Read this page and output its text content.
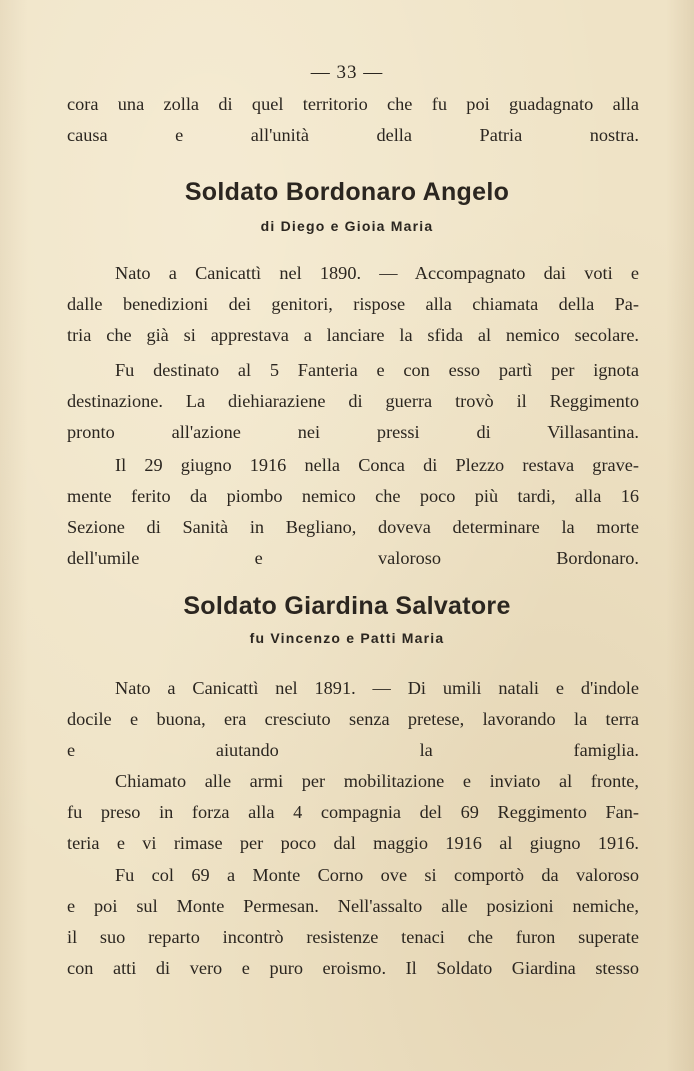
— 33 —
cora una zolla di quel territorio che fu poi guadagnato alla
causa e all'unità della Patria nostra.
Soldato Bordonaro Angelo
di Diego e Gioia Maria
Nato a Canicattì nel 1890. — Accompagnato dai voti e
dalle benedizioni dei genitori, rispose alla chiamata della Pa-
tria che già si apprestava a lanciare la sfida al nemico secolare.
Fu destinato al 5 Fanteria e con esso partì per ignota
destinazione. La diehiaraziene di guerra trovò il Reggimento
pronto all'azione nei pressi di Villasantina.
Il 29 giugno 1916 nella Conca di Plezzo restava grave-
mente ferito da piombo nemico che poco più tardi, alla 16
Sezione di Sanità in Begliano, doveva determinare la morte
dell'umile e valoroso Bordonaro.
Soldato Giardina Salvatore
fu Vincenzo e Patti Maria
Nato a Canicattì nel 1891. — Di umili natali e d'indole
docile e buona, era cresciuto senza pretese, lavorando la terra
e aiutando la famiglia.
Chiamato alle armi per mobilitazione e inviato al fronte,
fu preso in forza alla 4 compagnia del 69 Reggimento Fan-
teria e vi rimase per poco dal maggio 1916 al giugno 1916.
Fu col 69 a Monte Corno ove si comportò da valoroso
e poi sul Monte Permesan. Nell'assalto alle posizioni nemiche,
il suo reparto incontrò resistenze tenaci che furon superate
con atti di vero e puro eroismo. Il Soldato Giardina stesso
